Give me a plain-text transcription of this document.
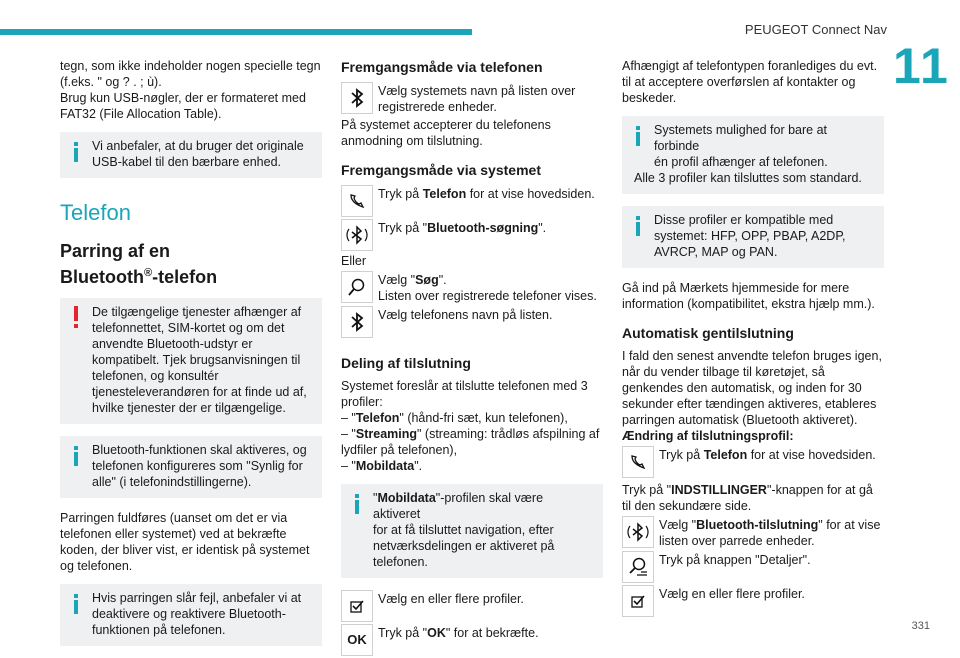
PEUGEOT Connect Nav
11
331

tegn, som ikke indeholder nogen specielle tegn (f.eks. " og ? . ; ù).

Brug kun USB-nøgler, der er formateret med FAT32 (File Allocation Table).

Vi anbefaler, at du bruger det originale USB-kabel til den bærbare enhed.
Telefon
Parring af en
Bluetooth®-telefon
De tilgængelige tjenester afhænger af
telefonnettet, SIM-kortet og om det anvendte Bluetooth-udstyr er kompatibelt. Tjek brugsanvisningen til telefonen, og konsultér tjenesteleverandøren for at finde ud af, hvilke tjenester der er tilgængelige.
Bluetooth-funktionen skal aktiveres, og
telefonen konfigureres som "Synlig for alle" (i telefonindstillingerne).

Parringen fuldføres (uanset om det er via telefonen eller systemet) ved at bekræfte koden, der bliver vist, er identisk på systemet og telefonen.

Hvis parringen slår fejl, anbefaler vi at
deaktivere og reaktivere Bluetooth-funktionen på telefonen.
Fremgangsmåde via telefonen
Vælg systemets navn på listen over registrerede enheder.

På systemet accepterer du telefonens anmodning om tilslutning.

Fremgangsmåde via systemet
Tryk på Telefon for at vise hovedsiden.
Tryk på "Bluetooth-søgning".

Eller

Vælg "Søg".
Listen over registrerede telefoner vises.
Vælg telefonens navn på listen.
Deling af tilslutning

Systemet foreslår at tilslutte telefonen med 3 profiler:

– "Telefon" (hånd-fri sæt, kun telefonen),

– "Streaming" (streaming: trådløs afspilning af lydfiler på telefonen),

– "Mobildata".

"Mobildata"-profilen skal være aktiveret
for at få tilsluttet navigation, efter netværksdelingen er aktiveret på telefonen.
Vælg en eller flere profiler.
OK Tryk på "OK" for at bekræfte.

Afhængigt af telefontypen foranlediges du evt. til at acceptere overførslen af kontakter og beskeder.

Systemets mulighed for bare at forbinde
én profil afhænger af telefonen.
Alle 3 profiler kan tilsluttes som standard.
Disse profiler er kompatible med
systemet: HFP, OPP, PBAP, A2DP, AVRCP, MAP og PAN.

Gå ind på Mærkets hjemmeside for mere information (kompatibilitet, ekstra hjælp mm.).

Automatisk gentilslutning

I fald den senest anvendte telefon bruges igen, når du vender tilbage til køretøjet, så genkendes den automatisk, og inden for 30 sekunder efter tændingen aktiveres, etableres parringen automatisk (Bluetooth aktiveret).

Ændring af tilslutningsprofil:

Tryk på Telefon for at vise hovedsiden.

Tryk på "INDSTILLINGER"-knappen for at gå til den sekundære side.

Vælg "Bluetooth-tilslutning" for at vise listen over parrede enheder.
Tryk på knappen "Detaljer".
Vælg en eller flere profiler.
